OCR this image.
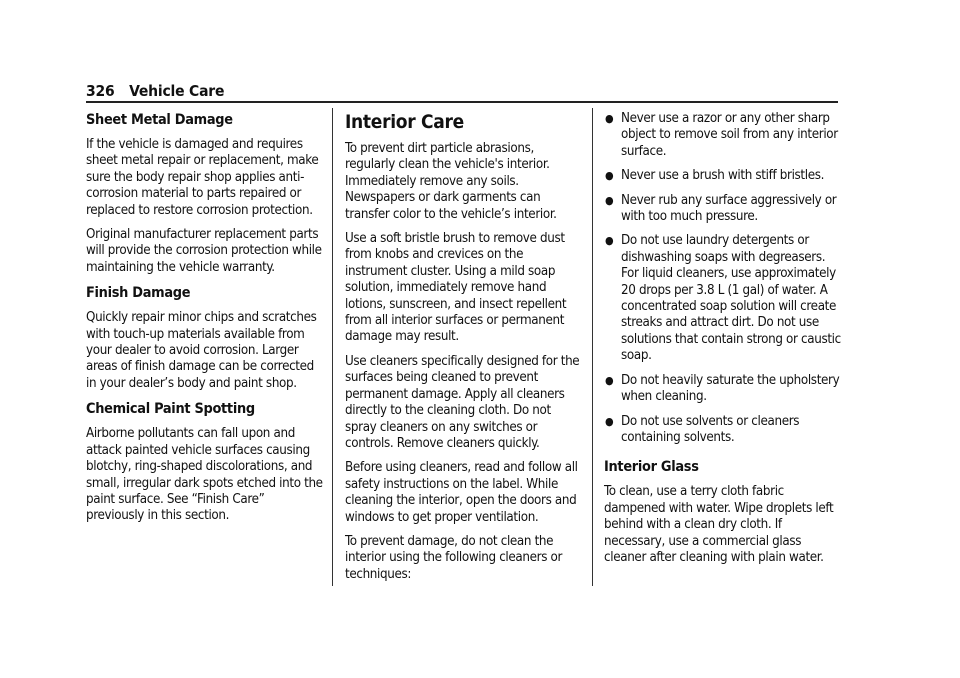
326 Vehicle Care
Sheet Metal Damage

If the vehicle is damaged and requires sheet metal repair or replacement, make sure the body repair shop applies anti-corrosion material to parts repaired or replaced to restore corrosion protection.

Original manufacturer replacement parts will provide the corrosion protection while maintaining the vehicle warranty.

Finish Damage

Quickly repair minor chips and scratches with touch-up materials available from your dealer to avoid corrosion. Larger areas of finish damage can be corrected in your dealer’s body and paint shop.

Chemical Paint Spotting

Airborne pollutants can fall upon and attack painted vehicle surfaces causing blotchy, ring-shaped discolorations, and small, irregular dark spots etched into the paint surface. See “Finish Care” previously in this section.

Interior Care

To prevent dirt particle abrasions, regularly clean the vehicle's interior. Immediately remove any soils. Newspapers or dark garments can transfer color to the vehicle’s interior.

Use a soft bristle brush to remove dust from knobs and crevices on the instrument cluster. Using a mild soap solution, immediately remove hand lotions, sunscreen, and insect repellent from all interior surfaces or permanent damage may result.

Use cleaners specifically designed for the surfaces being cleaned to prevent permanent damage. Apply all cleaners directly to the cleaning cloth. Do not spray cleaners on any switches or controls. Remove cleaners quickly.

Before using cleaners, read and follow all safety instructions on the label. While cleaning the interior, open the doors and windows to get proper ventilation.

To prevent damage, do not clean the interior using the following cleaners or techniques:

● Never use a razor or any other sharp object to remove soil from any interior surface.
● Never use a brush with stiff bristles.
● Never rub any surface aggressively or with too much pressure.
● Do not use laundry detergents or dishwashing soaps with degreasers. For liquid cleaners, use approximately 20 drops per 3.8 L (1 gal) of water. A concentrated soap solution will create streaks and attract dirt. Do not use solutions that contain strong or caustic soap.
● Do not heavily saturate the upholstery when cleaning.
● Do not use solvents or cleaners containing solvents.
Interior Glass

To clean, use a terry cloth fabric dampened with water. Wipe droplets left behind with a clean dry cloth. If necessary, use a commercial glass cleaner after cleaning with plain water.
